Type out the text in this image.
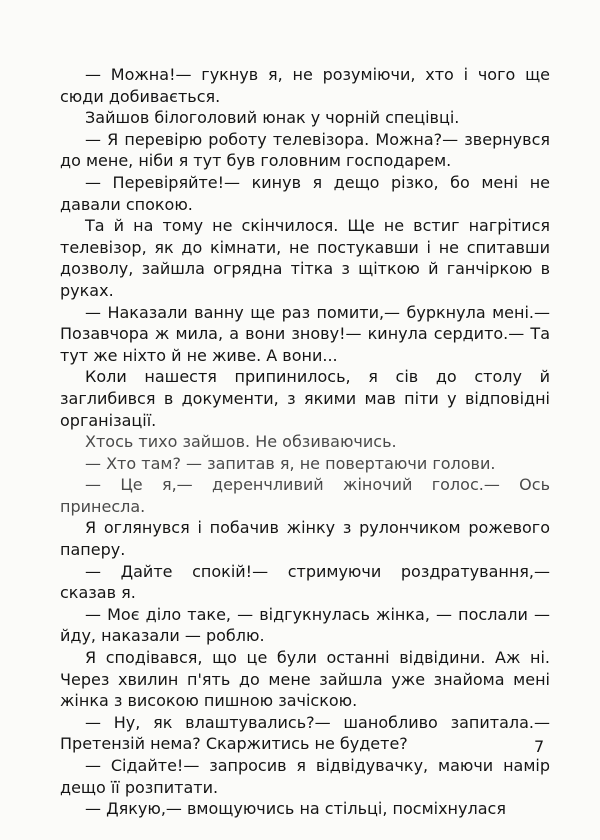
— Можна!— гукнув я, не розуміючи, хто і чого ще сюди добивається.

Зайшов білоголовий юнак у чорній спецівці.

— Я перевірю роботу телевізора. Можна?— звернувся до мене, ніби я тут був головним господарем.

— Перевіряйте!— кинув я дещо різко, бо мені не давали спокою.

Та й на тому не скінчилося. Ще не встиг нагрітися телевізор, як до кімнати, не постукавши і не спитавши дозволу, зайшла огрядна тітка з щіткою й ганчіркою в руках.

— Наказали ванну ще раз помити,— буркнула мені.— Позавчора ж мила, а вони знову!— кинула сердито.— Та тут же ніхто й не живе. А вони...

Коли нашестя припинилось, я сів до столу й заглибився в документи, з якими мав піти у відповідні організації.

Хтось тихо зайшов. Не обзиваючись.

— Хто там? — запитав я, не повертаючи голови.

— Це я,— деренчливий жіночий голос.— Ось принесла.

Я оглянувся і побачив жінку з рулончиком рожевого паперу.

— Дайте спокій!— стримуючи роздратування,— сказав я.

— Моє діло таке, — відгукнулась жінка, — послали — йду, наказали — роблю.

Я сподівався, що це були останні відвідини. Аж ні. Через хвилин п'ять до мене зайшла уже знайома мені жінка з високою пишною зачіскою.

— Ну, як влаштувались?— шанобливо запитала.— Претензій нема? Скаржитись не будете?

— Сідайте!— запросив я відвідувачку, маючи намір дещо її розпитати.

— Дякую,— вмощуючись на стільці, посміхнулася

7
